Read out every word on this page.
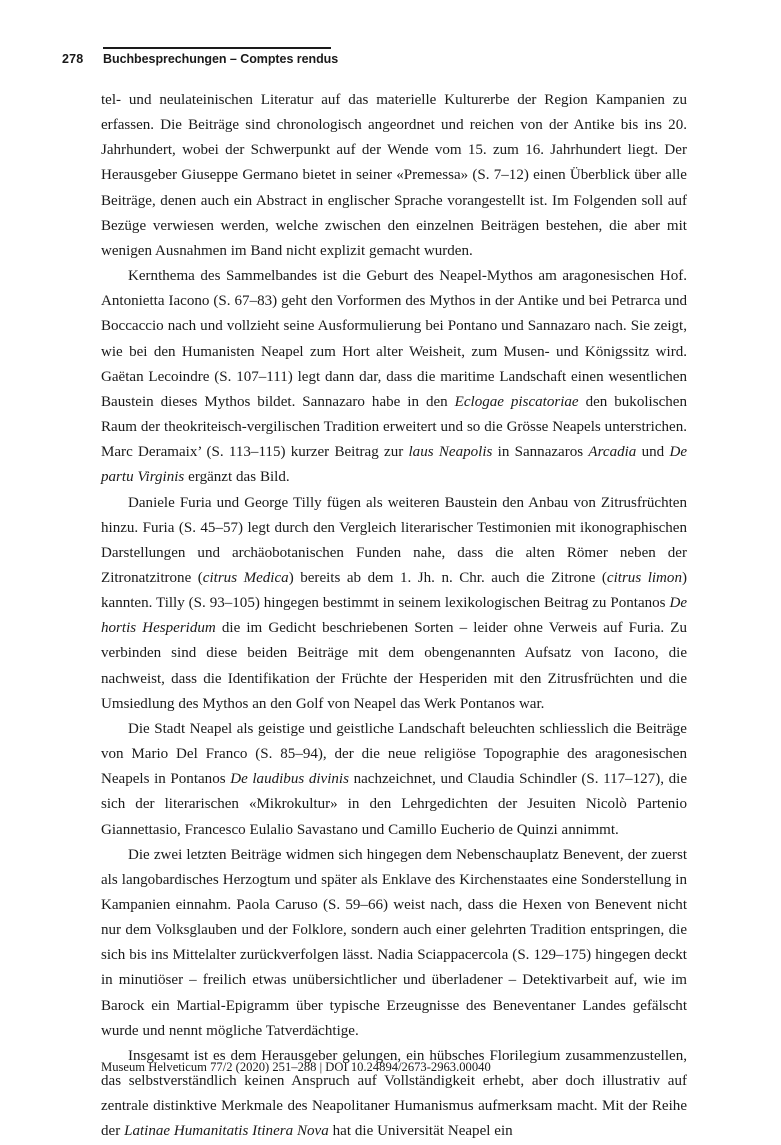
278	Buchbesprechungen – Comptes rendus

tel- und neulateinischen Literatur auf das materielle Kulturerbe der Region Kampanien zu erfassen. Die Beiträge sind chronologisch angeordnet und reichen von der Antike bis ins 20. Jahrhundert, wobei der Schwerpunkt auf der Wende vom 15. zum 16. Jahrhundert liegt. Der Herausgeber Giuseppe Germano bietet in seiner «Premessa» (S. 7–12) einen Überblick über alle Beiträge, denen auch ein Abstract in englischer Sprache vorangestellt ist. Im Folgenden soll auf Bezüge verwiesen werden, welche zwischen den einzelnen Beiträgen bestehen, die aber mit wenigen Ausnahmen im Band nicht explizit gemacht wurden.

Kernthema des Sammelbandes ist die Geburt des Neapel-Mythos am aragonesischen Hof. Antonietta Iacono (S. 67–83) geht den Vorformen des Mythos in der Antike und bei Petrarca und Boccaccio nach und vollzieht seine Ausformulierung bei Pontano und Sannazaro nach. Sie zeigt, wie bei den Humanisten Neapel zum Hort alter Weisheit, zum Musen- und Königssitz wird. Gaëtan Lecoindre (S. 107–111) legt dann dar, dass die maritime Landschaft einen wesentlichen Baustein dieses Mythos bildet. Sannazaro habe in den Eclogae piscatoriae den bukolischen Raum der theokriteisch-vergilischen Tradition erweitert und so die Grösse Neapels unterstrichen. Marc Deramaix’ (S. 113–115) kurzer Beitrag zur laus Neapolis in Sannazaros Arcadia und De partu Virginis ergänzt das Bild.

Daniele Furia und George Tilly fügen als weiteren Baustein den Anbau von Zitrusfrüchten hinzu. Furia (S. 45–57) legt durch den Vergleich literarischer Testimonien mit ikonographischen Darstellungen und archäobotanischen Funden nahe, dass die alten Römer neben der Zitronatzitrone (citrus Medica) bereits ab dem 1. Jh. n. Chr. auch die Zitrone (citrus limon) kannten. Tilly (S. 93–105) hingegen bestimmt in seinem lexikologischen Beitrag zu Pontanos De hortis Hesperidum die im Gedicht beschriebenen Sorten – leider ohne Verweis auf Furia. Zu verbinden sind diese beiden Beiträge mit dem obengenannten Aufsatz von Iacono, die nachweist, dass die Identifikation der Früchte der Hesperiden mit den Zitrusfrüchten und die Umsiedlung des Mythos an den Golf von Neapel das Werk Pontanos war.

Die Stadt Neapel als geistige und geistliche Landschaft beleuchten schliesslich die Beiträge von Mario Del Franco (S. 85–94), der die neue religiöse Topographie des aragonesischen Neapels in Pontanos De laudibus divinis nachzeichnet, und Claudia Schindler (S. 117–127), die sich der literarischen «Mikrokultur» in den Lehrgedichten der Jesuiten Nicolò Partenio Giannettasio, Francesco Eulalio Savastano und Camillo Eucherio de Quinzi annimmt.

Die zwei letzten Beiträge widmen sich hingegen dem Nebenschauplatz Benevent, der zuerst als langobardisches Herzogtum und später als Enklave des Kirchenstaates eine Sonderstellung in Kampanien einnahm. Paola Caruso (S. 59–66) weist nach, dass die Hexen von Benevent nicht nur dem Volksglauben und der Folklore, sondern auch einer gelehrten Tradition entspringen, die sich bis ins Mittelalter zurückverfolgen lässt. Nadia Sciappacercola (S. 129–175) hingegen deckt in minutiöser – freilich etwas unübersichtlicher und überladener – Detektivarbeit auf, wie im Barock ein Martial-Epigramm über typische Erzeugnisse des Beneventaner Landes gefälscht wurde und nennt mögliche Tatverdächtige.

Insgesamt ist es dem Herausgeber gelungen, ein hübsches Florilegium zusammenzustellen, das selbstverständlich keinen Anspruch auf Vollständigkeit erhebt, aber doch illustrativ auf zentrale distinktive Merkmale des Neapolitaner Humanismus aufmerksam macht. Mit der Reihe der Latinae Humanitatis Itinera Nova hat die Universität Neapel ein

Museum Helveticum 77/2 (2020) 251–288 | DOI 10.24894/2673-2963.00040
